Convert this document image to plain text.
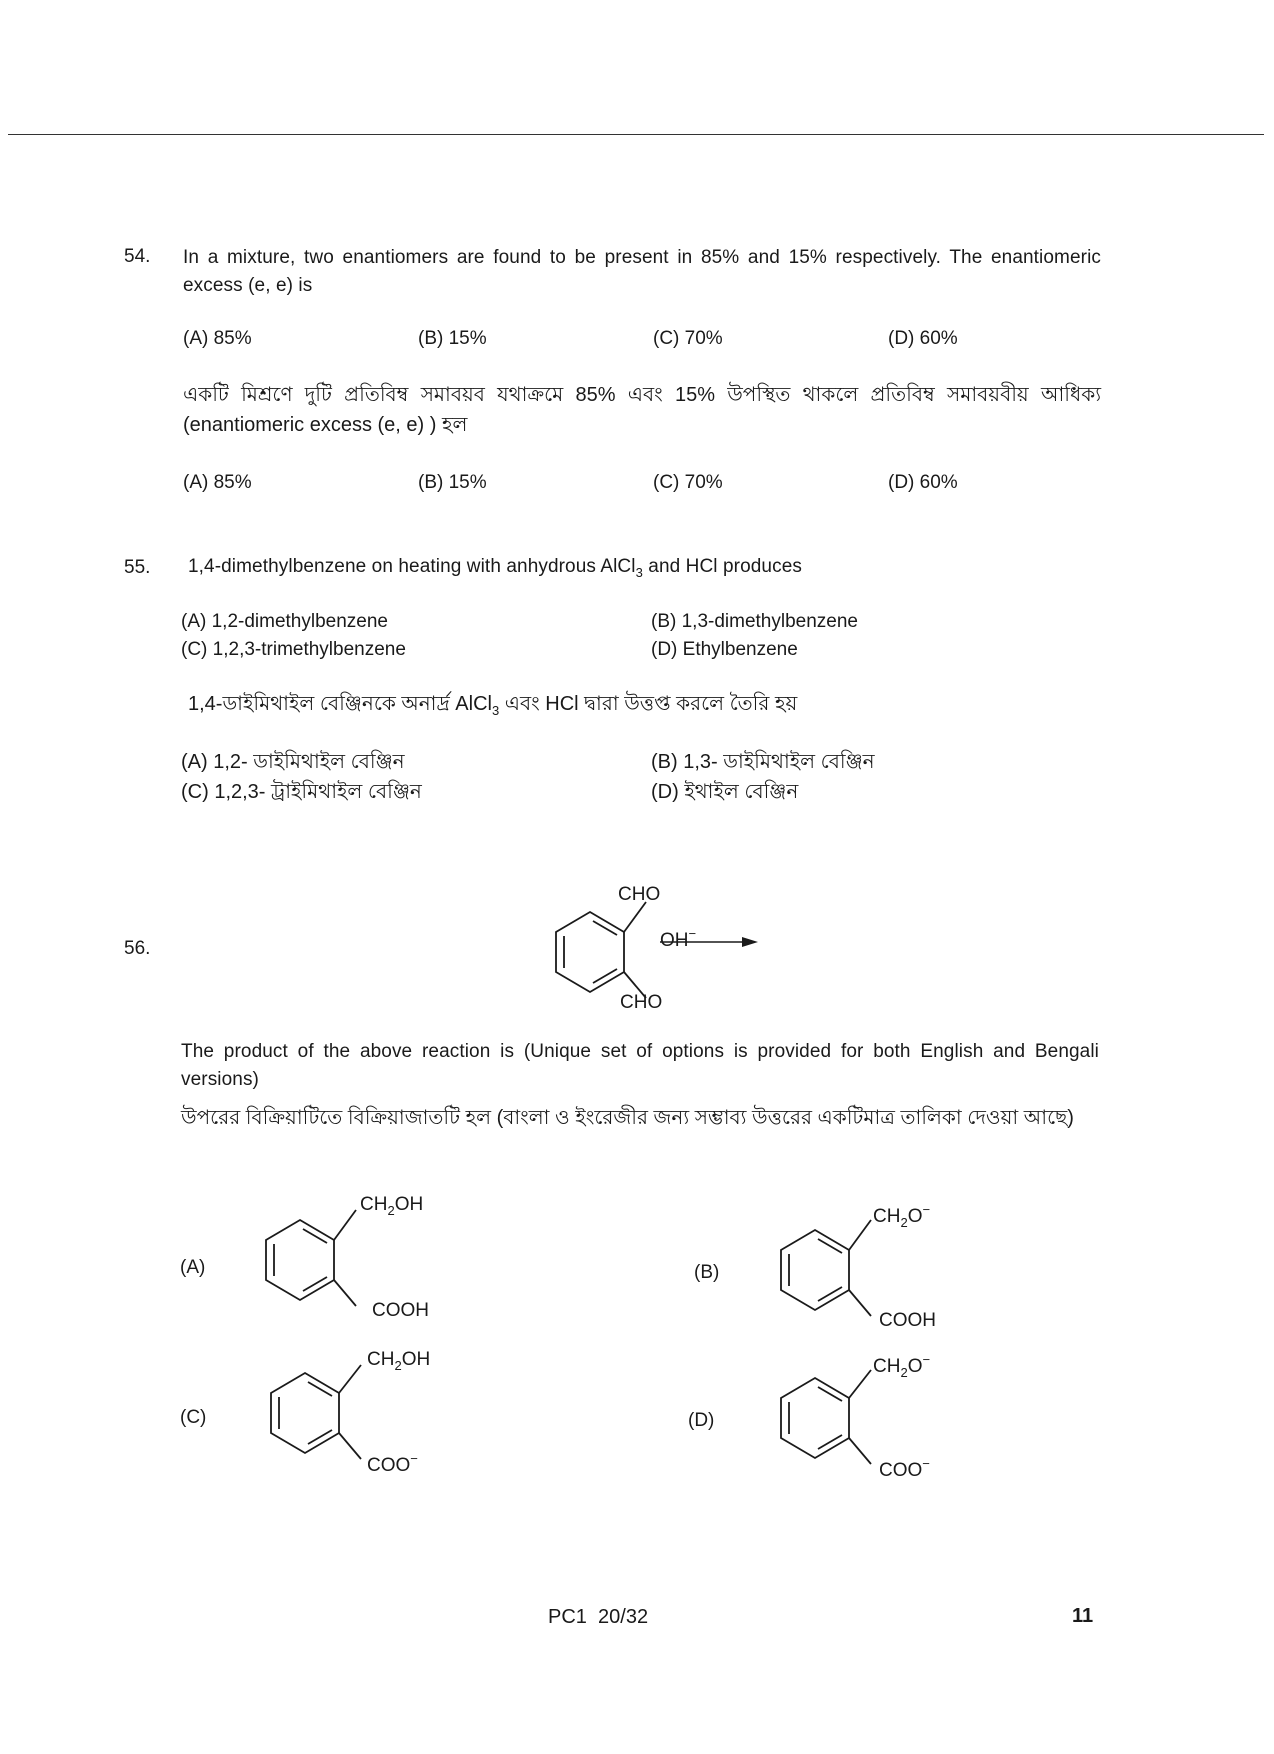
54. In a mixture, two enantiomers are found to be present in 85% and 15% respectively. The enantiomeric excess (e, e) is
(A) 85%	(B) 15%	(C) 70%	(D) 60%
একটি মিশ্রণে দুটি প্রতিবিম্ব সমাবয়ব যথাক্রমে 85% এবং 15% উপস্থিত থাকলে প্রতিবিম্ব সমাবয়বীয় আধিক্য (enantiomeric excess (e, e) ) হল
(A) 85%	(B) 15%	(C) 70%	(D) 60%
55. 1,4-dimethylbenzene on heating with anhydrous AlCl$_3$ and HCl produces
(A) 1,2-dimethylbenzene	(B) 1,3-dimethylbenzene
(C) 1,2,3-trimethylbenzene	(D) Ethylbenzene
1,4-ডাইমিথাইল বেঞ্জিনকে অনার্দ্র AlCl$_3$ এবং HCl দ্বারা উত্তপ্ত করলে তৈরি হয়
(A) 1,2- ডাইমিথাইল বেঞ্জিন	(B) 1,3- ডাইমিথাইল বেঞ্জিন
(C) 1,2,3- ট্রাইমিথাইল বেঞ্জিন	(D) ইথাইল বেঞ্জিন
56.
CHO
CHO
OH−
The product of the above reaction is (Unique set of options is provided for both English and Bengali versions)
উপরের বিক্রিয়াটিতে বিক্রিয়াজাতটি হল (বাংলা ও ইংরেজীর জন্য সম্ভাব্য উত্তরের একটিমাত্র তালিকা দেওয়া আছে)
(A)
$CH_2OH$
COOH
(B)
$CH_2O^-$
COOH
(C)
$CH_2OH$
COO−
(D)
$CH_2O^-$
COO−
PC1 20/32	11
